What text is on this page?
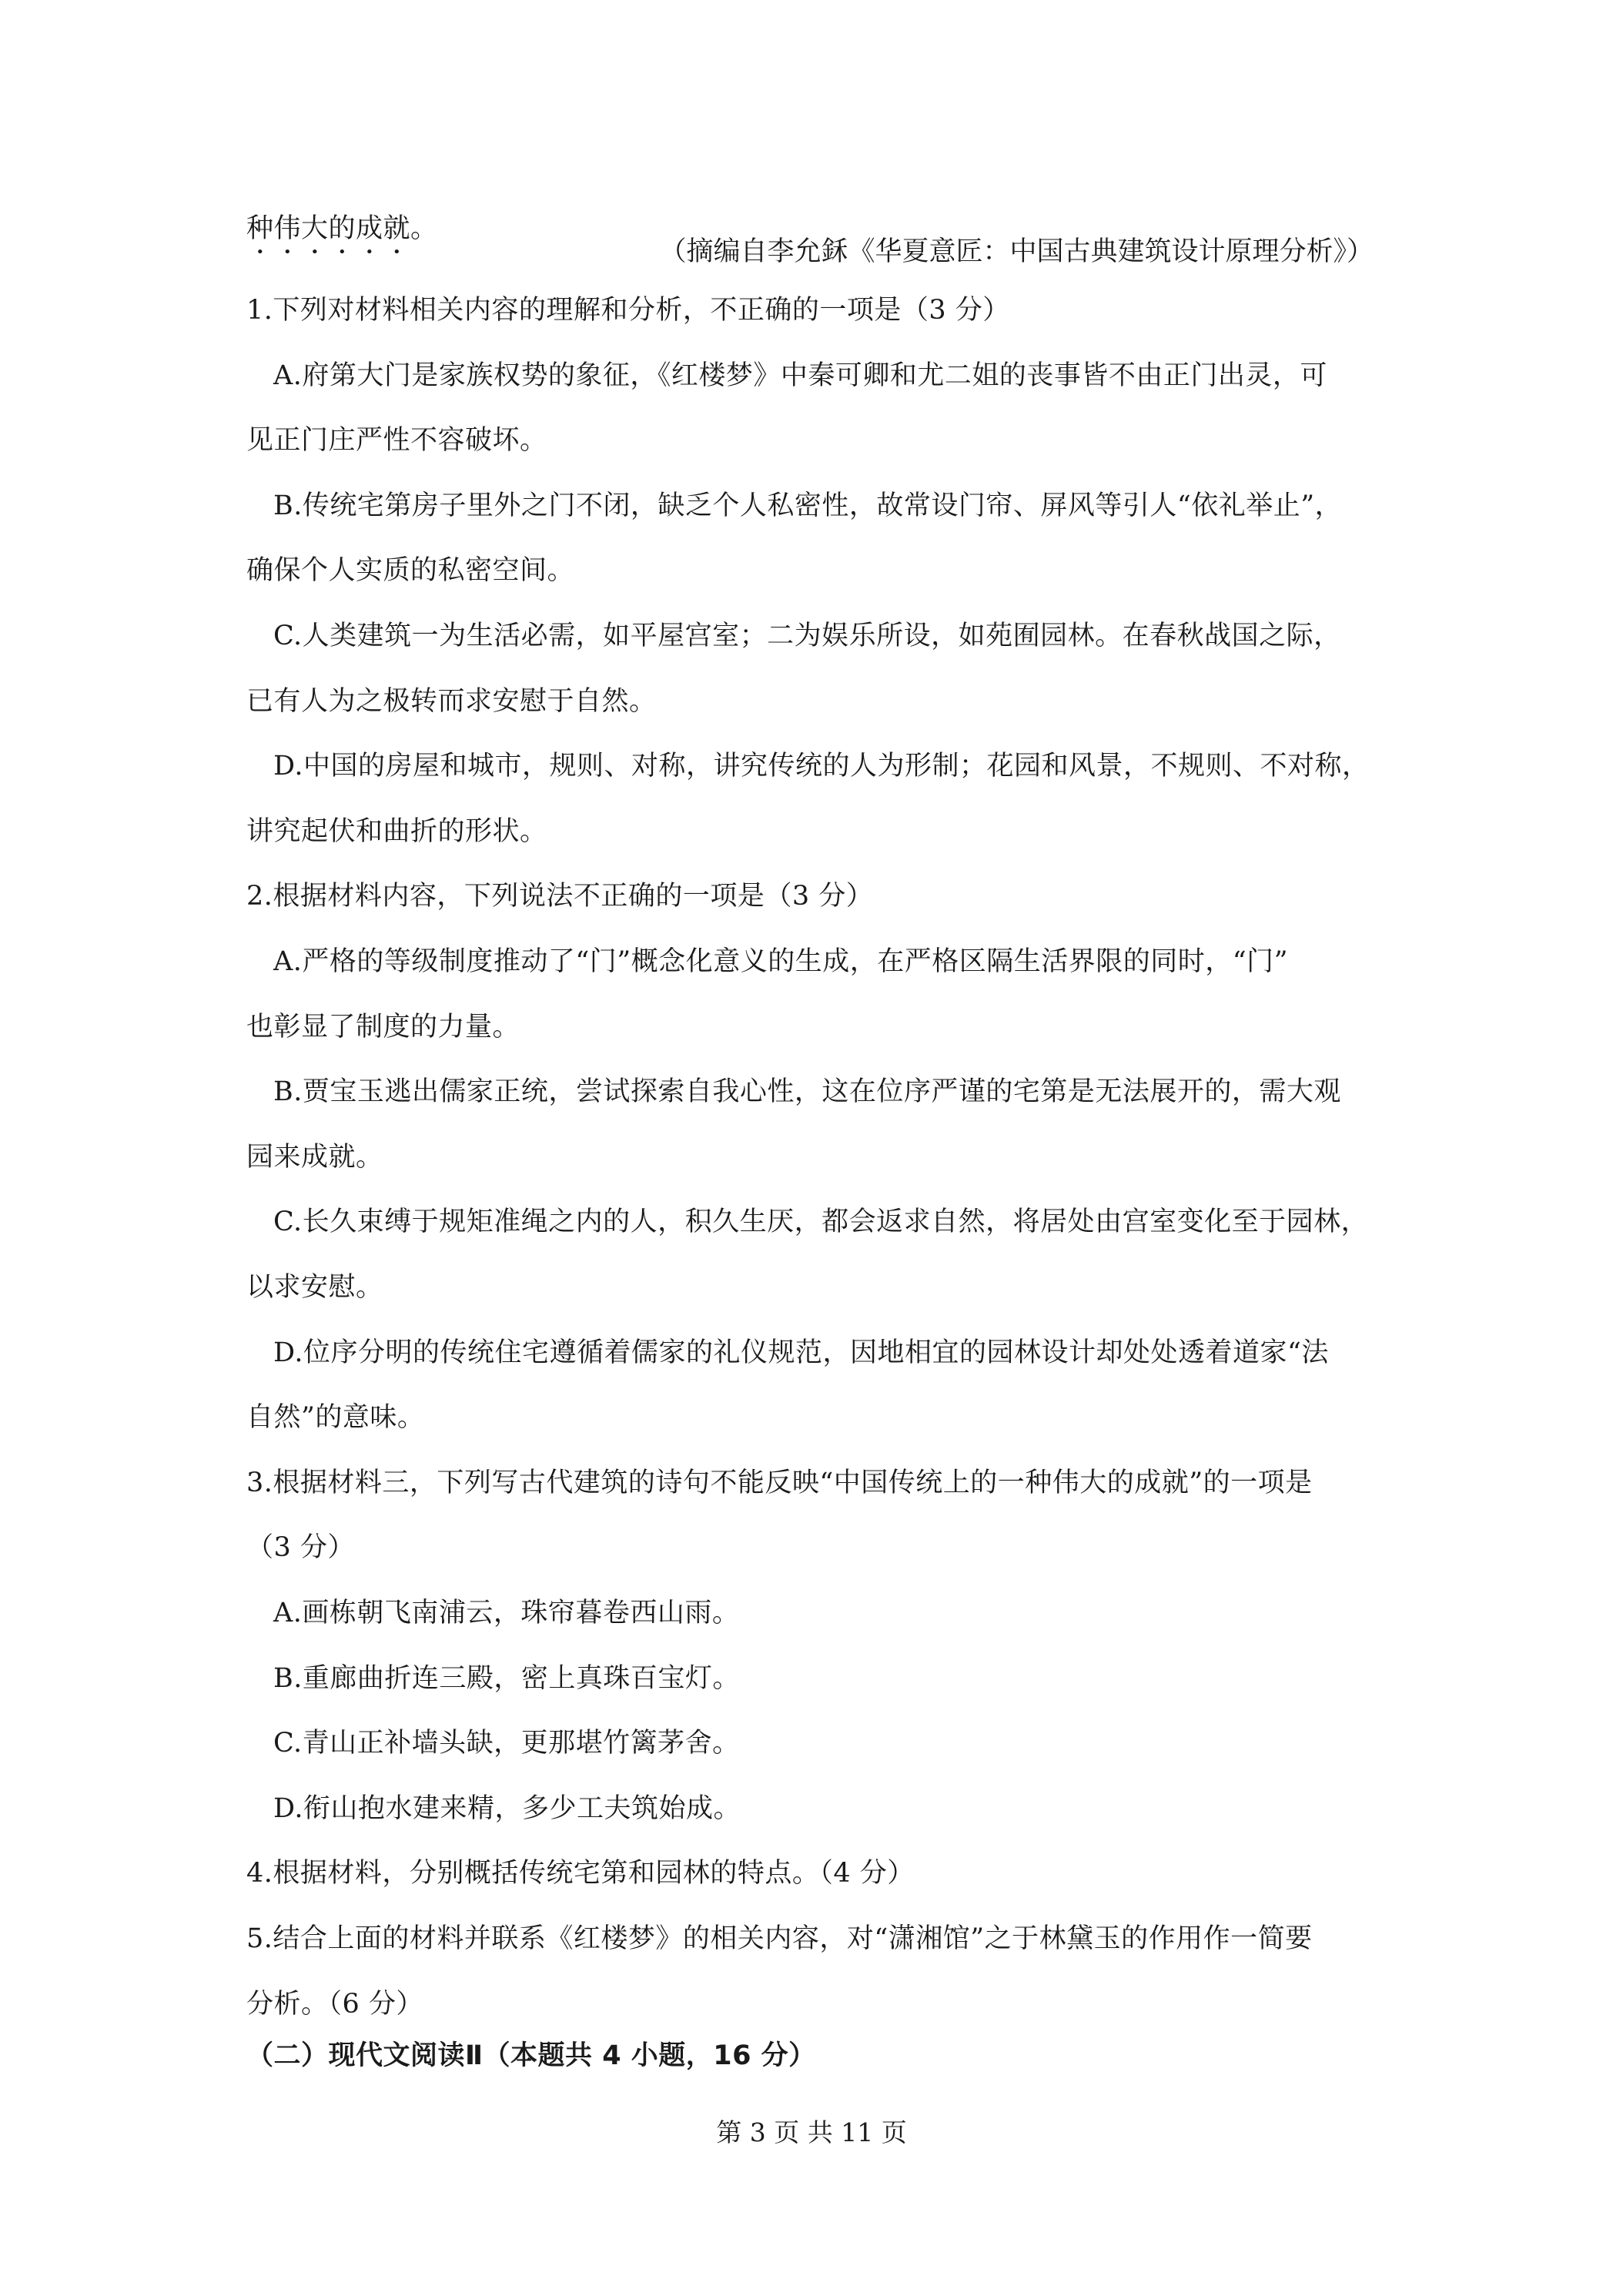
种伟大的成就。
（摘编自李允鉌《华夏意匠：中国古典建筑设计原理分析》）
1.下列对材料相关内容的理解和分析，不正确的一项是（3 分）
A.府第大门是家族权势的象征，《红楼梦》中秦可卿和尤二姐的丧事皆不由正门出灵，可
见正门庄严性不容破坏。
B.传统宅第房子里外之门不闭，缺乏个人私密性，故常设门帘、屏风等引人“依礼举止”，
确保个人实质的私密空间。
C.人类建筑一为生活必需，如平屋宫室；二为娱乐所设，如苑囿园林。在春秋战国之际，
已有人为之极转而求安慰于自然。
D.中国的房屋和城市，规则、对称，讲究传统的人为形制；花园和风景，不规则、不对称，
讲究起伏和曲折的形状。
2.根据材料内容，下列说法不正确的一项是（3 分）
A.严格的等级制度推动了“门”概念化意义的生成，在严格区隔生活界限的同时，“门”
也彰显了制度的力量。
B.贾宝玉逃出儒家正统，尝试探索自我心性，这在位序严谨的宅第是无法展开的，需大观
园来成就。
C.长久束缚于规矩准绳之内的人，积久生厌，都会返求自然，将居处由宫室变化至于园林，
以求安慰。
D.位序分明的传统住宅遵循着儒家的礼仪规范，因地相宜的园林设计却处处透着道家“法
自然”的意味。
3.根据材料三，下列写古代建筑的诗句不能反映“中国传统上的一种伟大的成就”的一项是
（3 分）
A.画栋朝飞南浦云，珠帘暮卷西山雨。
B.重廊曲折连三殿，密上真珠百宝灯。
C.青山正补墙头缺，更那堪竹篱茅舍。
D.衔山抱水建来精，多少工夫筑始成。
4.根据材料，分别概括传统宅第和园林的特点。（4 分）
5.结合上面的材料并联系《红楼梦》的相关内容，对“潇湘馆”之于林黛玉的作用作一简要
分析。（6 分）
（二）现代文阅读Ⅱ（本题共 4 小题，16 分）
第 3 页 共 11 页
